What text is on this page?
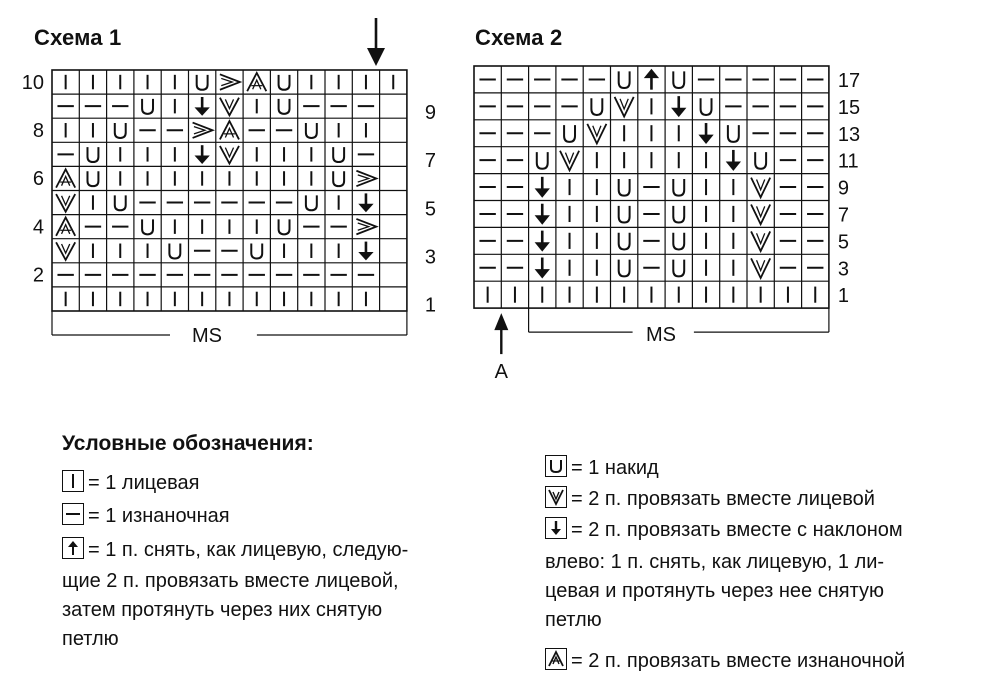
Схема 1	Схема 2
10
8
6
4
2
9
7
5
3
1
MS
17
15
13
11
9
7
5
3
1
MS
A
Условные обозначения:
= 1 лицевая
= 1 изнаночная
= 1 п. снять, как лицевую, следую-
щие 2 п. провязать вместе лицевой,
затем протянуть через них снятую
петлю
= 1 накид
= 2 п. провязать вместе лицевой
= 2 п. провязать вместе с наклоном
влево: 1 п. снять, как лицевую, 1 ли-
цевая и протянуть через нее снятую
петлю
= 2 п. провязать вместе изнаночной
